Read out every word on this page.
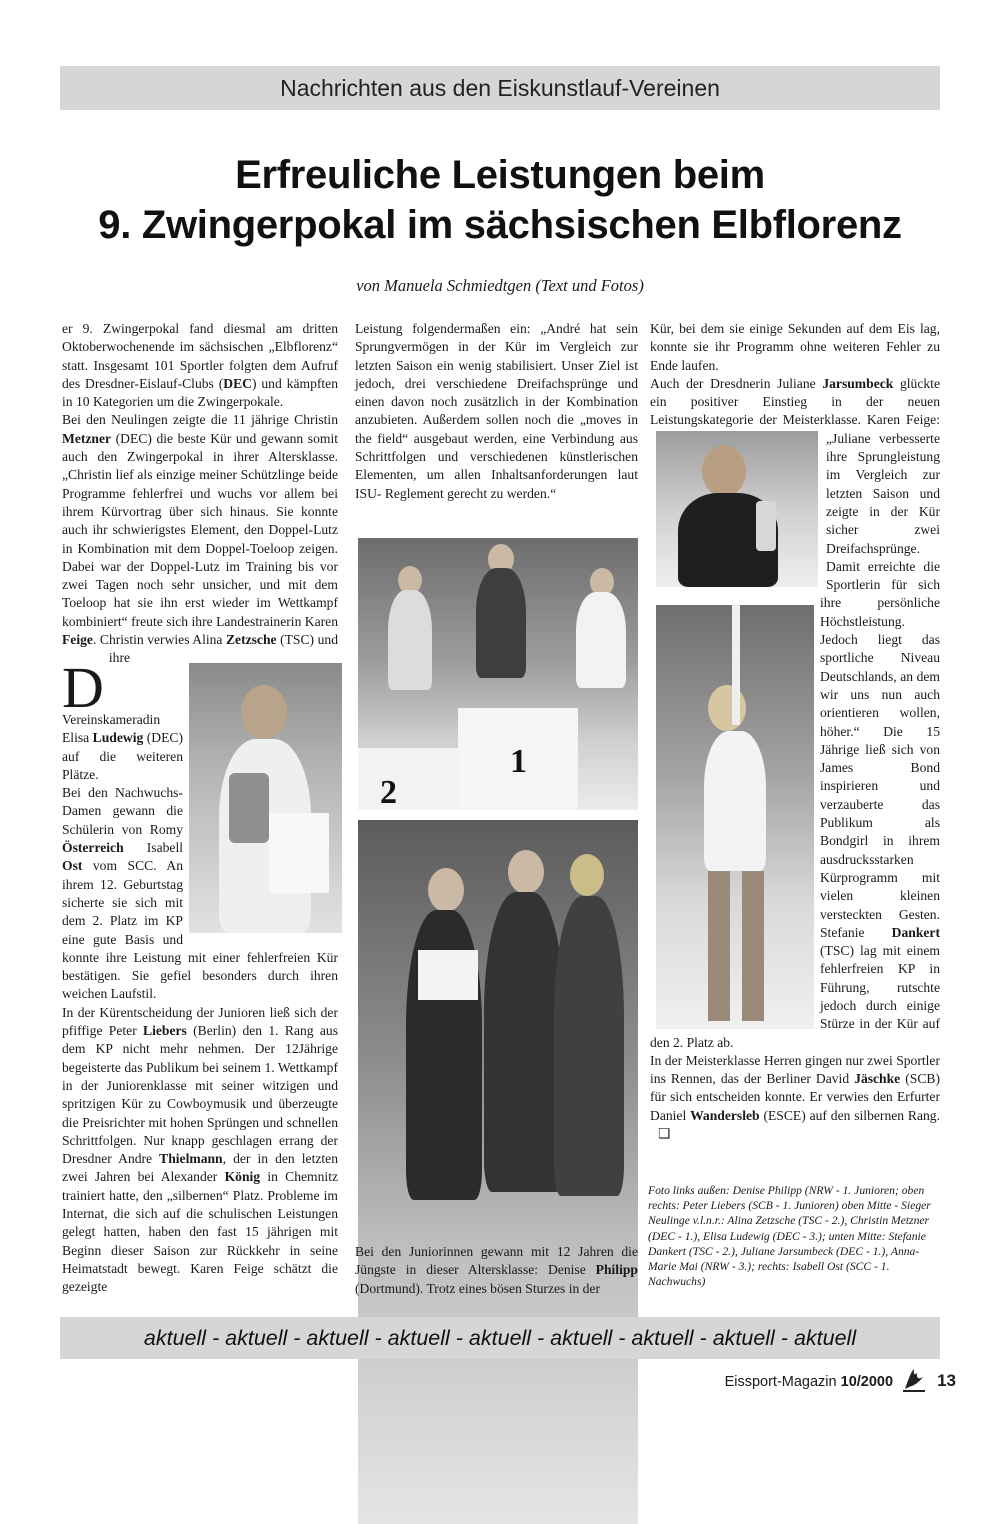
Nachrichten aus den Eiskunstlauf-Vereinen
Erfreuliche Leistungen beim
9. Zwingerpokal im sächsischen Elbflorenz
von Manuela Schmiedtgen (Text und Fotos)

D
er 9. Zwingerpokal fand diesmal am dritten Oktoberwochenende im sächsischen „Elbflorenz“ statt. Insgesamt 101 Sportler folgten dem Aufruf des Dresdner-Eislauf-Clubs (DEC) und kämpften in 10 Kategorien um die Zwingerpokale.

Bei den Neulingen zeigte die 11 jährige Christin Metzner (DEC) die beste Kür und gewann somit auch den Zwingerpokal in ihrer Altersklasse. „Christin lief als einzige meiner Schützlinge beide Programme fehlerfrei und wuchs vor allem bei ihrem Kürvortrag über sich hinaus. Sie konnte auch ihr schwierigstes Element, den Doppel-Lutz in Kombination mit dem Doppel-Toeloop zeigen. Dabei war der Doppel-Lutz im Training bis vor zwei Tagen noch sehr unsicher, und mit dem Toeloop hat sie ihn erst wieder im Wettkampf kombiniert“ freute sich ihre Landestrainerin Karen Feige. Christin verwies Alina Zetzsche (TSC) und ihre Vereinskameradin Elisa Ludewig (DEC) auf die weiteren Plätze.

Bei den Nachwuchs-Damen gewann die Schülerin von Romy Österreich Isabell Ost vom SCC. An ihrem 12. Geburtstag sicherte sie sich mit dem 2. Platz im KP eine gute Basis und konnte ihre Leistung mit einer fehlerfreien Kür bestätigen. Sie gefiel besonders durch ihren weichen Laufstil.

In der Kürentscheidung der Junioren ließ sich der pfiffige Peter Liebers (Berlin) den 1. Rang aus dem KP nicht mehr nehmen. Der 12Jährige begeisterte das Publikum bei seinem 1. Wettkampf in der Juniorenklasse mit seiner witzigen und spritzigen Kür zu Cowboymusik und überzeugte die Preisrichter mit hohen Sprüngen und schnellen Schrittfolgen. Nur knapp geschlagen errang der Dresdner Andre Thielmann, der in den letzten zwei Jahren bei Alexander König in Chemnitz trainiert hatte, den „silbernen“ Platz. Probleme im Internat, die sich auf die schulischen Leistungen gelegt hatten, haben den fast 15 jährigen mit Beginn dieser Saison zur Rückkehr in seine Heimatstadt bewegt. Karen Feige schätzt die gezeigte

Leistung folgendermaßen ein: „André hat sein Sprungvermögen in der Kür im Vergleich zur letzten Saison ein wenig stabilisiert. Unser Ziel ist jedoch, drei verschiedene Dreifachsprünge und einen davon noch zusätzlich in der Kombination anzubieten. Außerdem sollen noch die „moves in the field“ ausgebaut werden, eine Verbindung aus Schrittfolgen und verschiedenen künstlerischen Elementen, um allen Inhaltsanforderungen laut ISU- Reglement gerecht zu werden.“

1
2

Bei den Juniorinnen gewann mit 12 Jahren die Jüngste in dieser Altersklasse: Denise Philipp (Dortmund). Trotz eines bösen Sturzes in der

Kür, bei dem sie einige Sekunden auf dem Eis lag, konnte sie ihr Programm ohne weiteren Fehler zu Ende laufen.

Auch der Dresdnerin Juliane Jarsumbeck glückte ein positiver Einstieg in der neuen Leistungskategorie der Meisterklasse. Karen Feige: „Juliane verbesserte ihre Sprungleistung im Vergleich zur letzten Saison und zeigte in der Kür sicher zwei Dreifachsprünge. Damit erreichte die Sportlerin für sich ihre persönliche Höchstleistung. Jedoch liegt das sportliche Niveau Deutschlands, an dem wir uns nun auch orientieren wollen, höher.“ Die 15 Jährige ließ sich von James Bond inspirieren und verzauberte das Publikum als Bondgirl in ihrem ausdrucksstarken Kürprogramm mit vielen kleinen versteckten Gesten. Stefanie Dankert (TSC) lag mit einem fehlerfreien KP in Führung, rutschte jedoch durch einige Stürze in der Kür auf den 2. Platz ab.

In der Meisterklasse Herren gingen nur zwei Sportler ins Rennen, das der Berliner David Jäschke (SCB) für sich entscheiden konnte. Er verwies den Erfurter Daniel Wandersleb (ESCE) auf den silbernen Rang. ❑

Foto links außen: Denise Philipp (NRW - 1. Junioren; oben rechts: Peter Liebers (SCB - 1. Junioren) oben Mitte - Sieger Neulinge v.l.n.r.: Alina Zetzsche (TSC - 2.), Christin Metzner (DEC - 1.), Elisa Ludewig (DEC - 3.); unten Mitte: Stefanie Dankert (TSC - 2.), Juliane Jarsumbeck (DEC - 1.), Anna-Marie Mai (NRW - 3.); rechts: Isabell Ost (SCC - 1. Nachwuchs)
aktuell - aktuell - aktuell - aktuell - aktuell - aktuell - aktuell - aktuell - aktuell
Eissport-Magazin 10/2000	13
